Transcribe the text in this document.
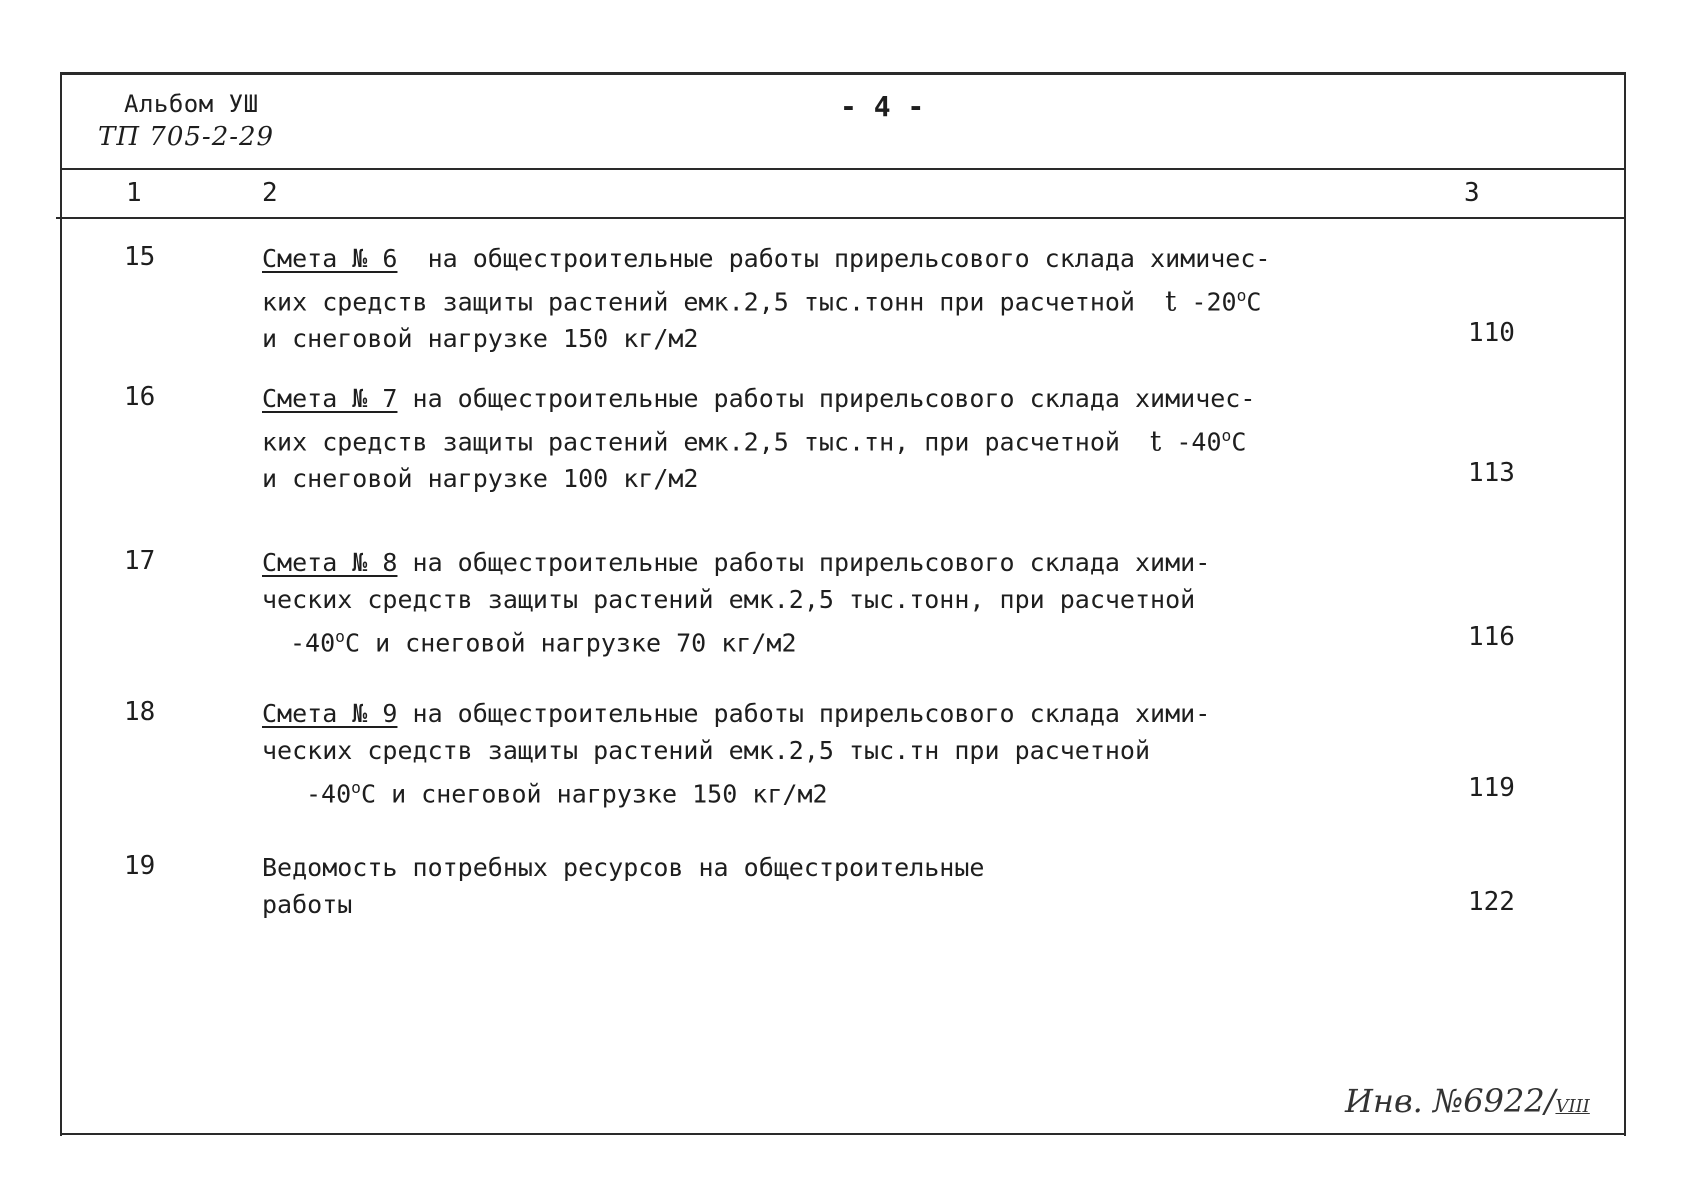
Альбом УШ
ТП 705-2-29
- 4 -
1	2	3
15	Смета № 6 на общестроительные работы прирельсового склада химичес-
ких средств защиты растений емк.2,5 тыс.тонн при расчетной t -20$^o$C
и снеговой нагрузке 150 кг/м2	110
16	Смета № 7 на общестроительные работы прирельсового склада химичес-
ких средств защиты растений емк.2,5 тыс.тн, при расчетной t -40$^o$C
и снеговой нагрузке 100 кг/м2	113
17	Смета № 8 на общестроительные работы прирельсового склада хими-
ческих средств защиты растений емк.2,5 тыс.тонн, при расчетной
-40$^o$C и снеговой нагрузке 70 кг/м2	116
18	Смета № 9 на общестроительные работы прирельсового склада хими-
ческих средств защиты растений емк.2,5 тыс.тн при расчетной
-40$^o$C и снеговой нагрузке 150 кг/м2	119
19	Ведомость потребных ресурсов на общестроительные
работы	122
Инв. №6922/VIII
